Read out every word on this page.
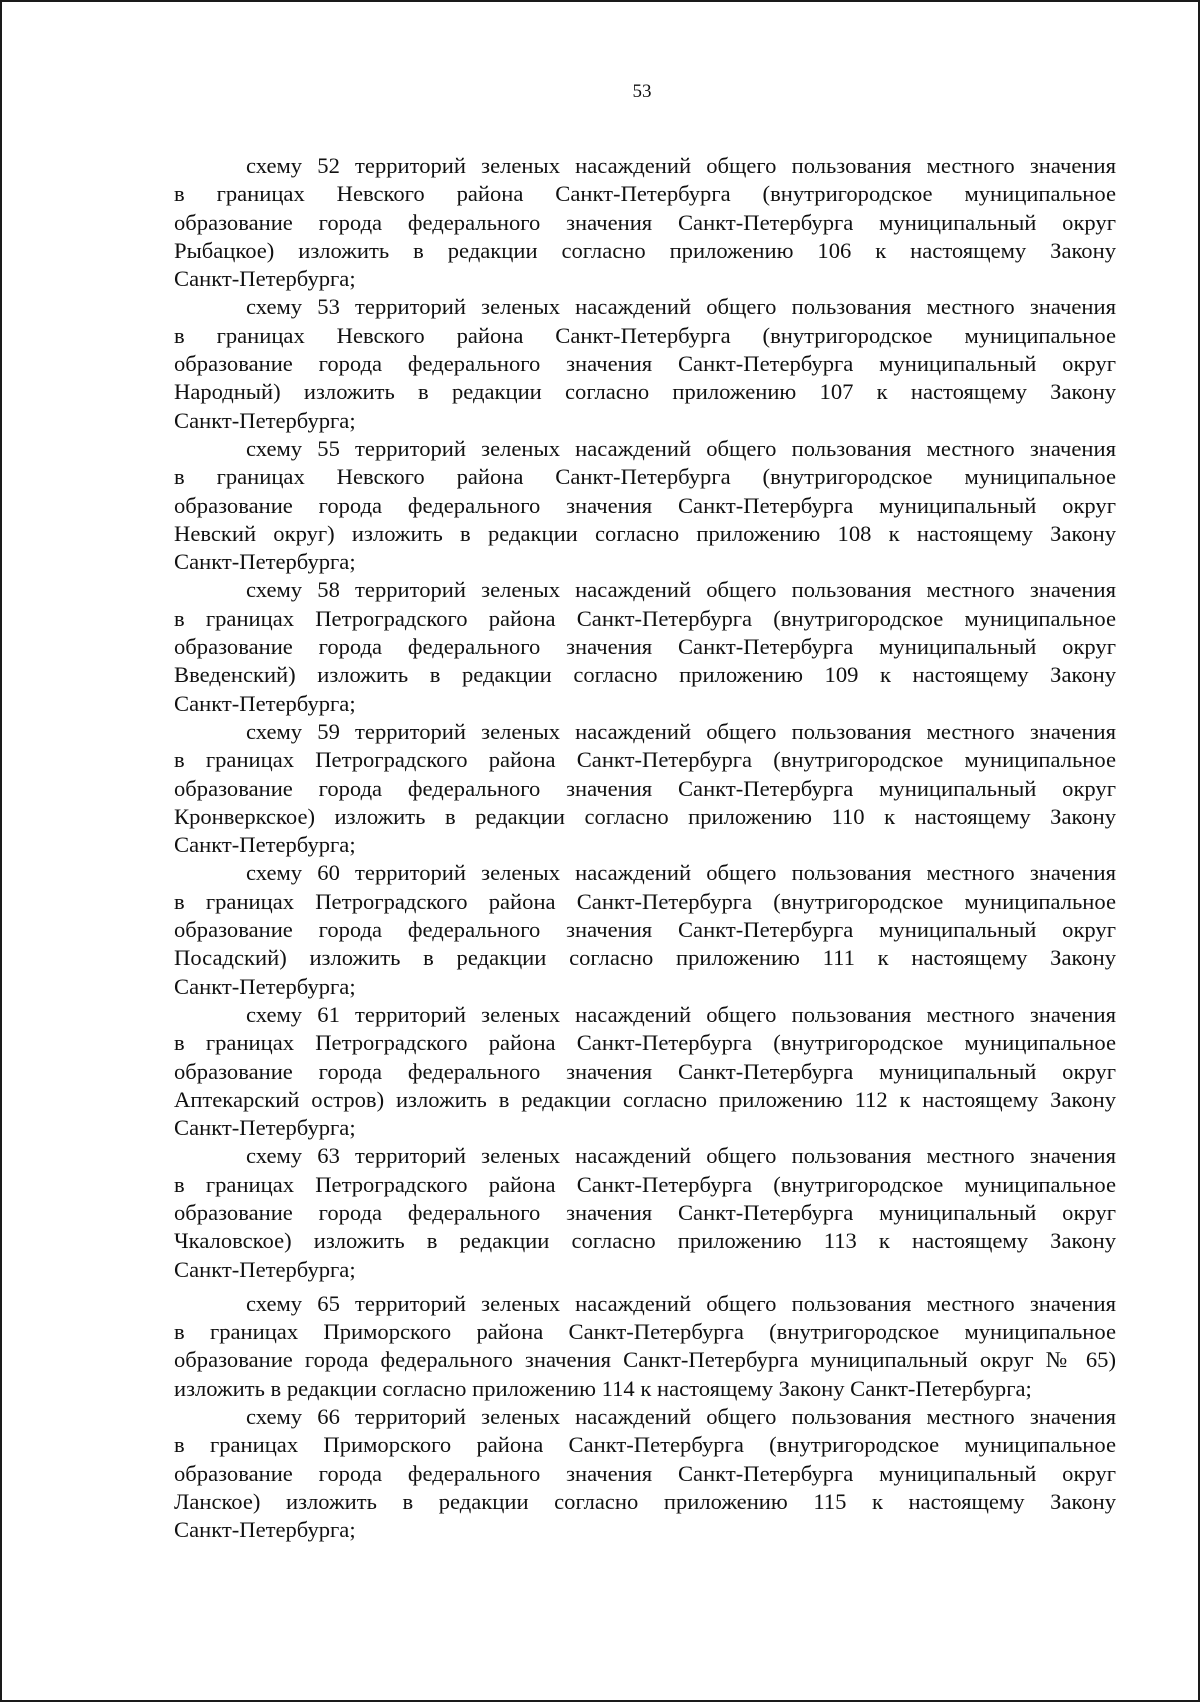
53
схему 52 территорий зеленых насаждений общего пользования местного значения
в границах Невского района Санкт-Петербурга (внутригородское муниципальное
образование города федерального значения Санкт-Петербурга муниципальный округ
Рыбацкое) изложить в редакции согласно приложению 106 к настоящему Закону
Санкт-Петербурга;
схему 53 территорий зеленых насаждений общего пользования местного значения
в границах Невского района Санкт-Петербурга (внутригородское муниципальное
образование города федерального значения Санкт-Петербурга муниципальный округ
Народный) изложить в редакции согласно приложению 107 к настоящему Закону
Санкт-Петербурга;
схему 55 территорий зеленых насаждений общего пользования местного значения
в границах Невского района Санкт-Петербурга (внутригородское муниципальное
образование города федерального значения Санкт-Петербурга муниципальный округ
Невский округ) изложить в редакции согласно приложению 108 к настоящему Закону
Санкт-Петербурга;
схему 58 территорий зеленых насаждений общего пользования местного значения
в границах Петроградского района Санкт-Петербурга (внутригородское муниципальное
образование города федерального значения Санкт-Петербурга муниципальный округ
Введенский) изложить в редакции согласно приложению 109 к настоящему Закону
Санкт-Петербурга;
схему 59 территорий зеленых насаждений общего пользования местного значения
в границах Петроградского района Санкт-Петербурга (внутригородское муниципальное
образование города федерального значения Санкт-Петербурга муниципальный округ
Кронверкское) изложить в редакции согласно приложению 110 к настоящему Закону
Санкт-Петербурга;
схему 60 территорий зеленых насаждений общего пользования местного значения
в границах Петроградского района Санкт-Петербурга (внутригородское муниципальное
образование города федерального значения Санкт-Петербурга муниципальный округ
Посадский) изложить в редакции согласно приложению 111 к настоящему Закону
Санкт-Петербурга;
схему 61 территорий зеленых насаждений общего пользования местного значения
в границах Петроградского района Санкт-Петербурга (внутригородское муниципальное
образование города федерального значения Санкт-Петербурга муниципальный округ
Аптекарский остров) изложить в редакции согласно приложению 112 к настоящему Закону
Санкт-Петербурга;
схему 63 территорий зеленых насаждений общего пользования местного значения
в границах Петроградского района Санкт-Петербурга (внутригородское муниципальное
образование города федерального значения Санкт-Петербурга муниципальный округ
Чкаловское) изложить в редакции согласно приложению 113 к настоящему Закону
Санкт-Петербурга;
схему 65 территорий зеленых насаждений общего пользования местного значения
в границах Приморского района Санкт-Петербурга (внутригородское муниципальное
образование города федерального значения Санкт-Петербурга муниципальный округ № 65)
изложить в редакции согласно приложению 114 к настоящему Закону Санкт-Петербурга;
схему 66 территорий зеленых насаждений общего пользования местного значения
в границах Приморского района Санкт-Петербурга (внутригородское муниципальное
образование города федерального значения Санкт-Петербурга муниципальный округ
Ланское) изложить в редакции согласно приложению 115 к настоящему Закону
Санкт-Петербурга;
